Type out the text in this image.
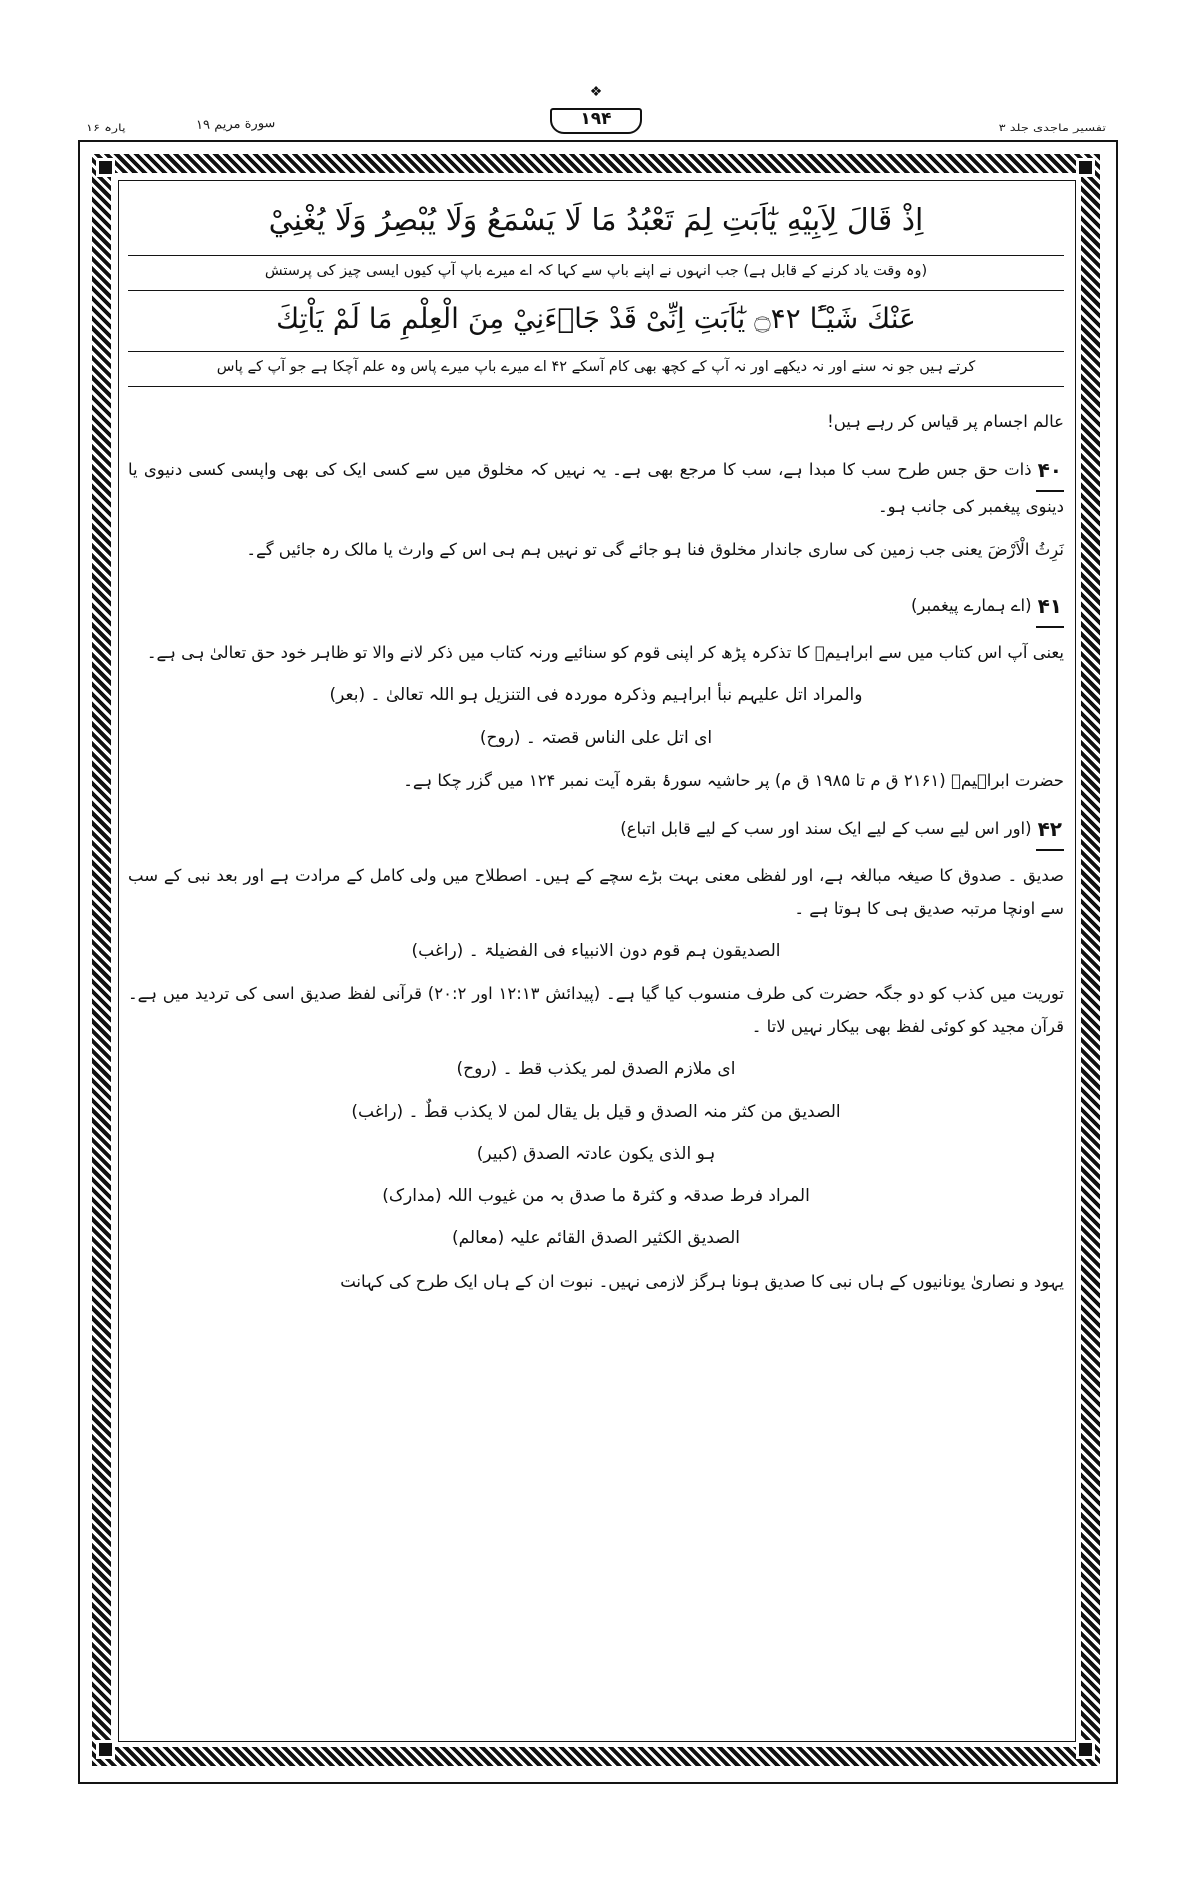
پارہ ۱۶	سورة مریم ۱۹
❖
۱۹۴	تفسیر ماجدی جلد ۳
اِذْ قَالَ لِاَبِيْهِ يٰٓاَبَتِ لِمَ تَعْبُدُ مَا لَا يَسْمَعُ وَلَا يُبْصِرُ وَلَا يُغْنِيْ
(وہ وقت یاد کرنے کے قابل ہے) جب انہوں نے اپنے باپ سے کہا کہ اے میرے باپ آپ کیوں ایسی چیز کی پرستش
عَنْكَ شَيْـًٔا ۝۴۲ يٰٓاَبَتِ اِنِّىْ قَدْ جَاۗءَنِيْ مِنَ الْعِلْمِ مَا لَمْ يَاْتِكَ
کرتے ہیں جو نہ سنے اور نہ دیکھے اور نہ آپ کے کچھ بھی کام آسکے ۴۲ اے میرے باپ میرے پاس وہ علم آچکا ہے جو آپ کے پاس

عالم اجسام پر قیاس کر رہے ہیں!

۴۰ذات حق جس طرح سب کا مبدا ہے، سب کا مرجع بھی ہے۔ یہ نہیں کہ مخلوق میں سے کسی ایک کی بھی واپسی کسی دنیوی یا دینوی پیغمبر کی جانب ہو۔

نَرِثُ الْاَرْضَ یعنی جب زمین کی ساری جاندار مخلوق فنا ہو جائے گی تو نہیں ہم ہی اس کے وارث یا مالک رہ جائیں گے۔

۴۱(اے ہمارے پیغمبر)

یعنی آپ اس کتاب میں سے ابراہیمؑ کا تذکرہ پڑھ کر اپنی قوم کو سنائیے ورنہ کتاب میں ذکر لانے والا تو ظاہر خود حق تعالیٰ ہی ہے۔

والمراد اتل علیہم نبأ ابراہیم وذکرہ موردہ فی التنزیل ہو اللہ تعالیٰ ۔ (بعر)

ای اتل علی الناس قصتہ ۔ (روح)

حضرت ابراہیمؑ (۲۱۶۱ ق م تا ۱۹۸۵ ق م) پر حاشیہ سورۂ بقرہ آیت نمبر ۱۲۴ میں گزر چکا ہے۔

۴۲(اور اس لیے سب کے لیے ایک سند اور سب کے لیے قابل اتباع)

صدیق ۔ صدوق کا صیغہ مبالغہ ہے، اور لفظی معنی بہت بڑے سچے کے ہیں۔ اصطلاح میں ولی کامل کے مرادت ہے اور بعد نبی کے سب سے اونچا مرتبہ صدیق ہی کا ہوتا ہے ۔

الصدیقون ہم قوم دون الانبیاء فی الفضیلۃ ۔ (راغب)

توریت میں کذب کو دو جگہ حضرت کی طرف منسوب کیا گیا ہے۔ (پیدائش ۱۲:۱۳ اور ۲۰:۲) قرآنی لفظ صدیق اسی کی تردید میں ہے۔ قرآن مجید کو کوئی لفظ بھی بیکار نہیں لاتا ۔

ای ملازم الصدق لمر یکذب قط ۔ (روح)

الصدیق من کثر منہ الصدق و قیل بل یقال لمن لا یکذب قطٌ ۔ (راغب)

ہو الذی یکون عادتہ الصدق (کبیر)

المراد فرط صدقہ و کثرۃ ما صدق بہ من غیوب اللہ (مدارک)

الصدیق الکثیر الصدق القائم علیہ (معالم)

یہود و نصاریٰ یونانیوں کے ہاں نبی کا صدیق ہونا ہرگز لازمی نہیں۔ نبوت ان کے ہاں ایک طرح کی کہانت
